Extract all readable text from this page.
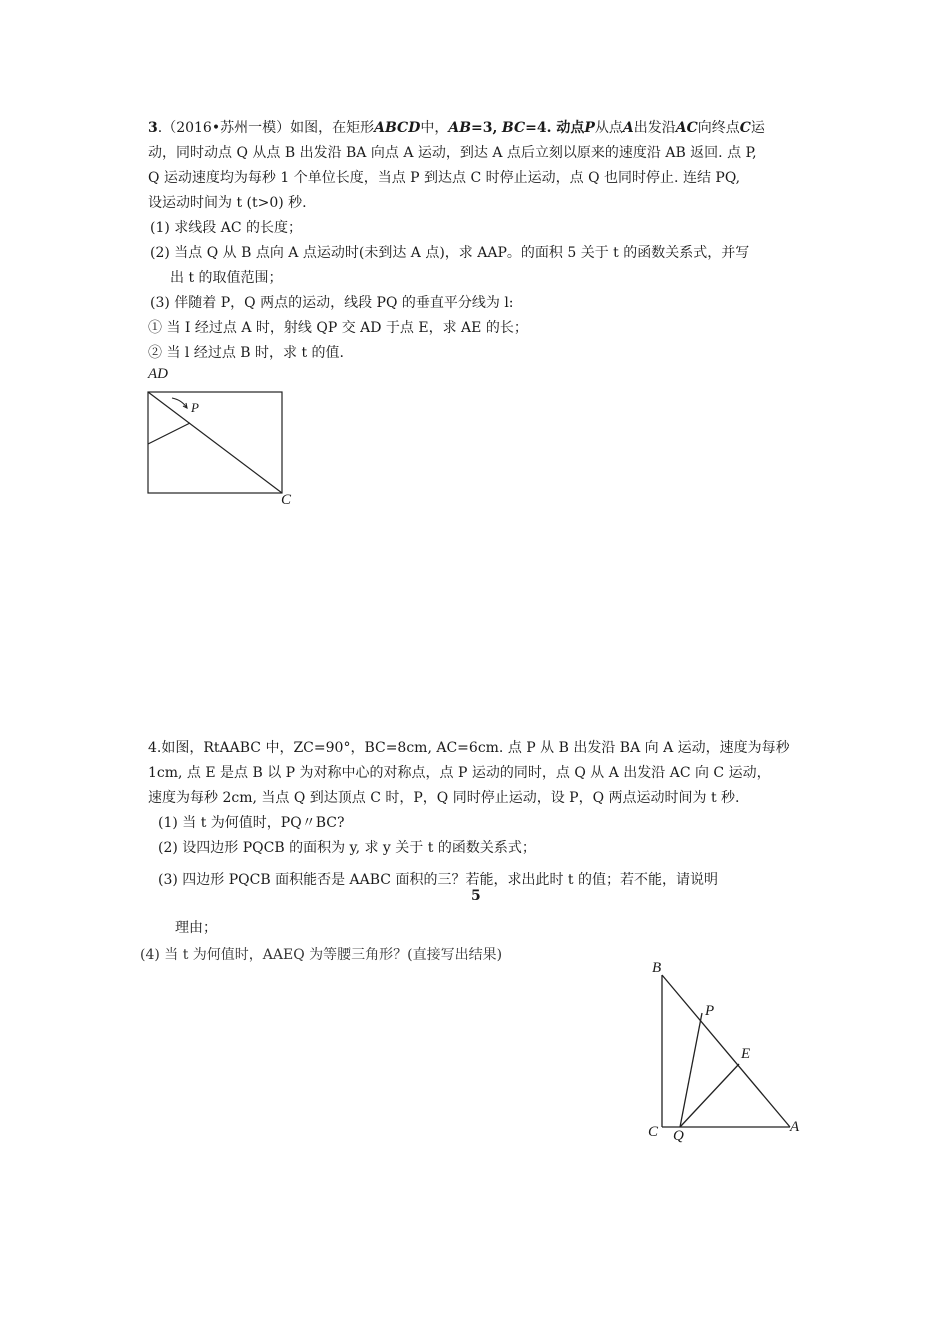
3.（2016•苏州一模）如图，在矩形ABCD中，AB=3, BC=4. 动点P从点A出发沿AC向终点C运
动，同时动点 Q 从点 B 出发沿 BA 向点 A 运动，到达 A 点后立刻以原来的速度沿 AB 返回. 点 P,
Q 运动速度均为每秒 1 个单位长度，当点 P 到达点 C 时停止运动，点 Q 也同时停止. 连结 PQ,
设运动时间为 t (t>0) 秒.
(1) 求线段 AC 的长度；
(2) 当点 Q 从 B 点向 A 点运动时(未到达 A 点)，求 AAP。的面积 5 关于 t 的函数关系式，并写
出 t 的取值范围；
(3) 伴随着 P，Q 两点的运动，线段 PQ 的垂直平分线为 l:
① 当 I 经过点 A 时，射线 QP 交 AD 于点 E，求 AE 的长；
② 当 l 经过点 B 时，求 t 的值.
AD
P
C
4.如图，RtAABC 中，ZC=90°，BC=8cm, AC=6cm. 点 P 从 B 出发沿 BA 向 A 运动，速度为每秒
1cm, 点 E 是点 B 以 P 为对称中心的对称点，点 P 运动的同时，点 Q 从 A 出发沿 AC 向 C 运动，
速度为每秒 2cm, 当点 Q 到达顶点 C 时，P，Q 同时停止运动，设 P，Q 两点运动时间为 t 秒.
(1) 当 t 为何值时，PQ〃BC?
(2) 设四边形 PQCB 的面积为 y, 求 y 关于 t 的函数关系式；
(3) 四边形 PQCB 面积能否是 AABC 面积的三？若能，求出此时 t 的值；若不能，请说明
5
理由；
(4) 当 t 为何值时，AAEQ 为等腰三角形？(直接写出结果)
B
P
E
C Q
A
